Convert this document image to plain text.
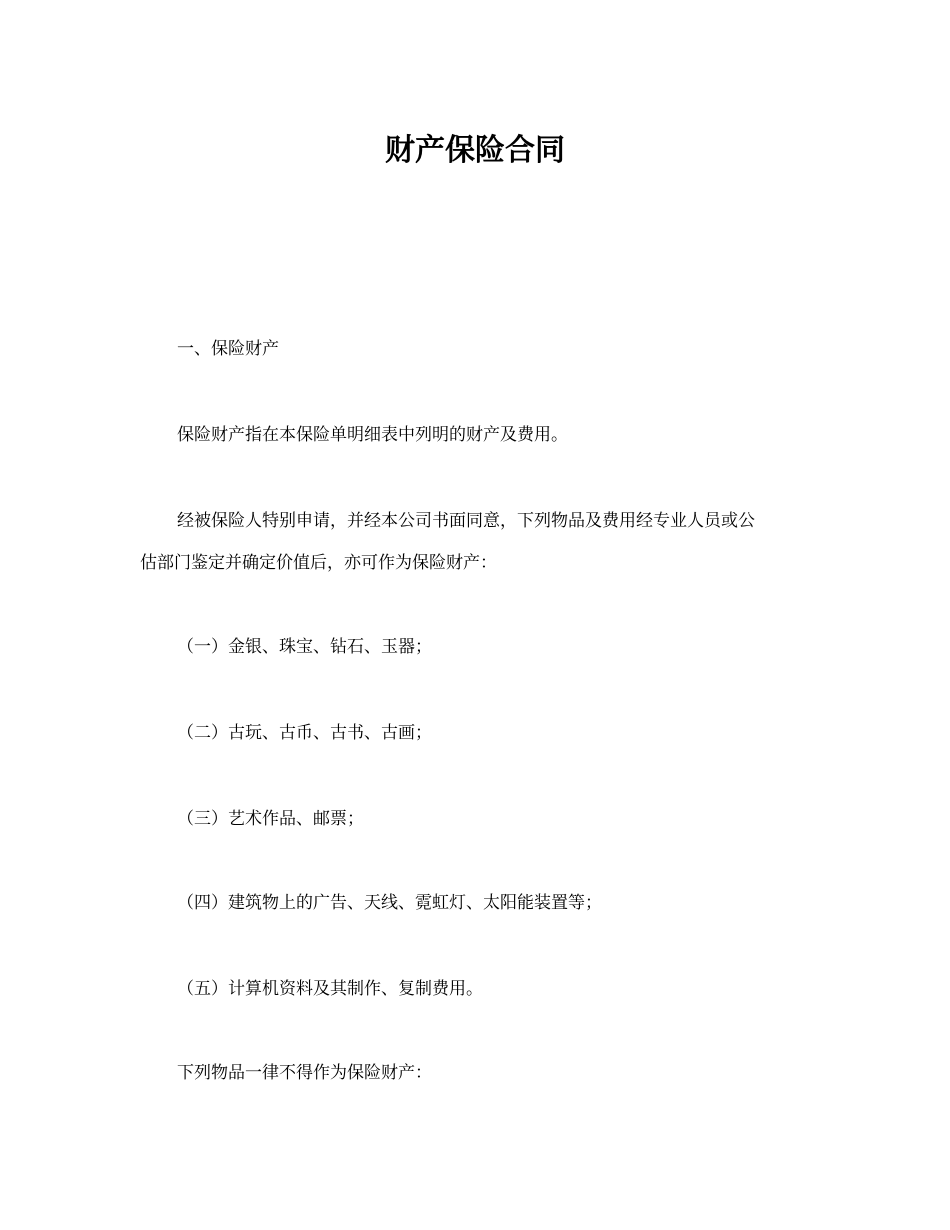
财产保险合同

一、保险财产

保险财产指在本保险单明细表中列明的财产及费用。

经被保险人特别申请，并经本公司书面同意，下列物品及费用经专业人员或公

估部门鉴定并确定价值后，亦可作为保险财产：

（一）金银、珠宝、钻石、玉器；

（二）古玩、古币、古书、古画；

（三）艺术作品、邮票；

（四）建筑物上的广告、天线、霓虹灯、太阳能装置等；

（五）计算机资料及其制作、复制费用。

下列物品一律不得作为保险财产：
